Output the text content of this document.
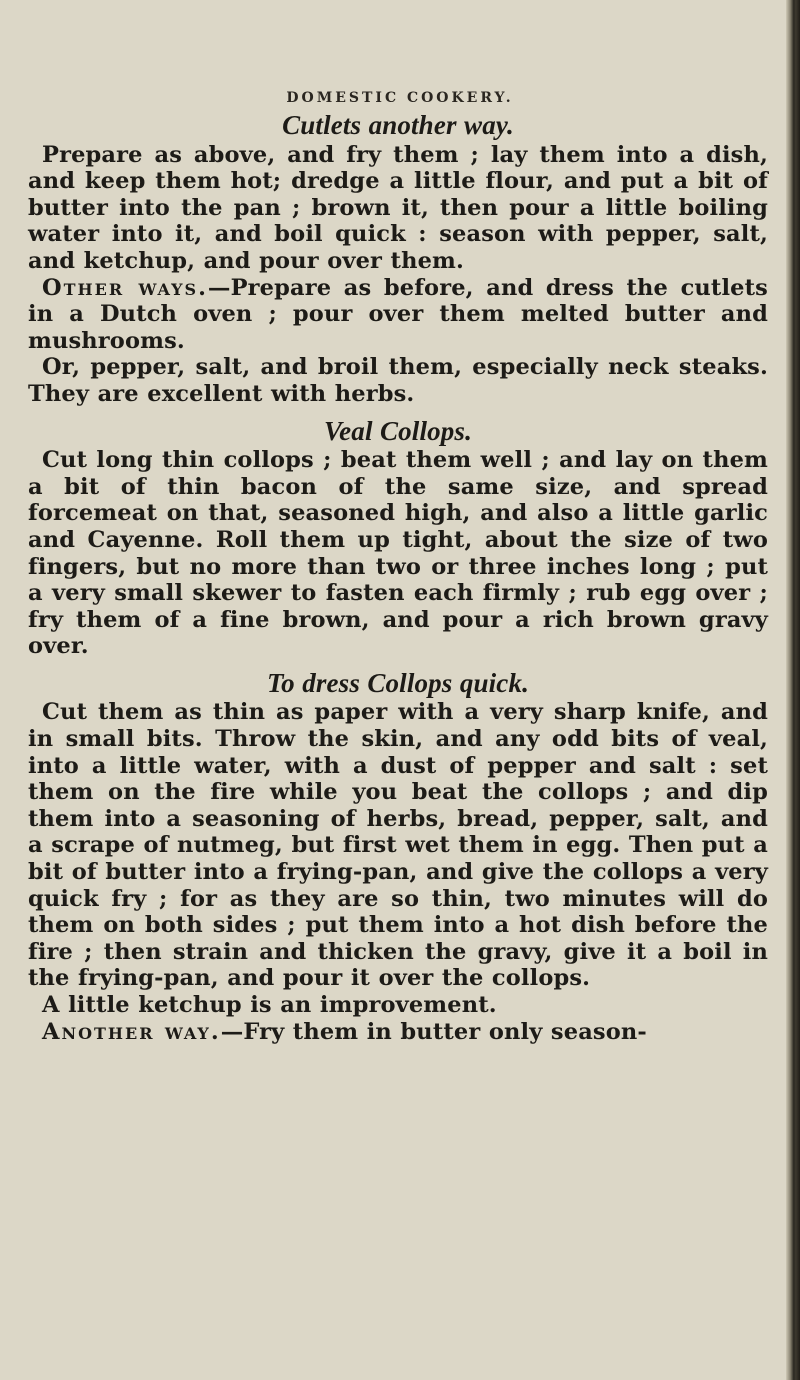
DOMESTIC COOKERY.
Cutlets another way.

Prepare as above, and fry them ; lay them into a dish, and keep them hot; dredge a little flour, and put a bit of butter into the pan ; brown it, then pour a little boiling water into it, and boil quick : season with pepper, salt, and ketchup, and pour over them.

Other ways.—Prepare as before, and dress the cutlets in a Dutch oven ; pour over them melted butter and mushrooms.

Or, pepper, salt, and broil them, especially neck steaks. They are excellent with herbs.

Veal Collops.

Cut long thin collops ; beat them well ; and lay on them a bit of thin bacon of the same size, and spread forcemeat on that, seasoned high, and also a little garlic and Cayenne. Roll them up tight, about the size of two fingers, but no more than two or three inches long ; put a very small skewer to fasten each firmly ; rub egg over ; fry them of a fine brown, and pour a rich brown gravy over.

To dress Collops quick.

Cut them as thin as paper with a very sharp knife, and in small bits. Throw the skin, and any odd bits of veal, into a little water, with a dust of pepper and salt : set them on the fire while you beat the collops ; and dip them into a seasoning of herbs, bread, pepper, salt, and a scrape of nutmeg, but first wet them in egg. Then put a bit of butter into a frying-pan, and give the collops a very quick fry ; for as they are so thin, two minutes will do them on both sides ; put them into a hot dish before the fire ; then strain and thicken the gravy, give it a boil in the frying-pan, and pour it over the collops.

A little ketchup is an improvement.

Another way.—Fry them in butter only season-
